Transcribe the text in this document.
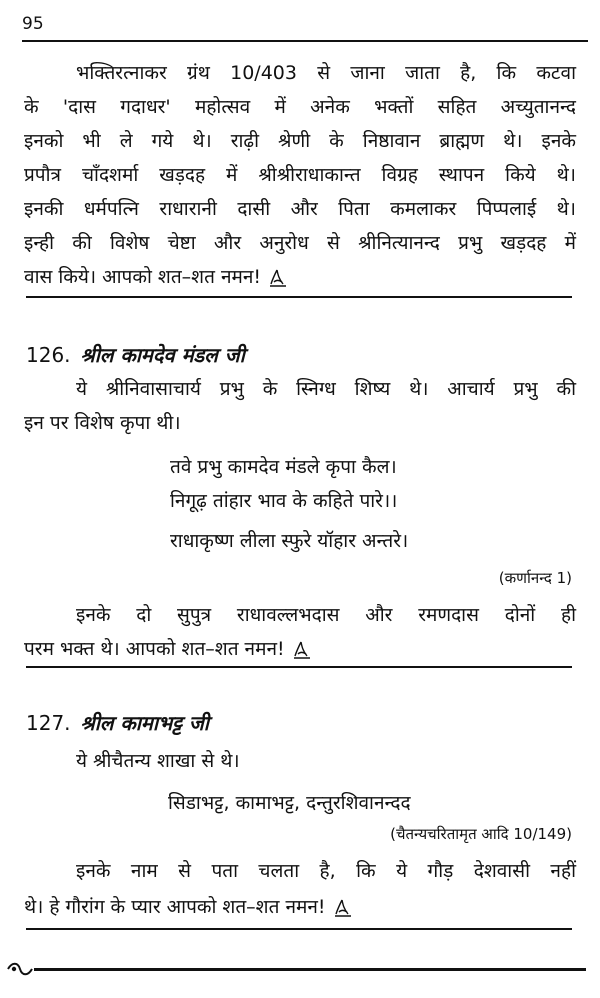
95
भक्तिरत्नाकर ग्रंथ 10/403 से जाना जाता है, कि कटवा
के 'दास गदाधर' महोत्सव में अनेक भक्तों सहित अच्युतानन्द
इनको भी ले गये थे। राढ़ी श्रेणी के निष्ठावान ब्राह्मण थे। इनके
प्रपौत्र चाँदशर्मा खड़दह में श्रीश्रीराधाकान्त विग्रह स्थापन किये थे।
इनकी धर्मपत्नि राधारानी दासी और पिता कमलाकर पिप्पलाई थे।
इन्ही की विशेष चेष्टा और अनुरोध से श्रीनित्यानन्द प्रभु खड़दह में
वास किये। आपको शत–शत नमन!
126. श्रील कामदेव मंडल जी
ये श्रीनिवासाचार्य प्रभु के स्निग्ध शिष्य थे। आचार्य प्रभु की
इन पर विशेष कृपा थी।
तवे प्रभु कामदेव मंडले कृपा कैल।
निगूढ़ तांहार भाव के कहिते पारे।।
राधाकृष्ण लीला स्फुरे यॉहार अन्तरे।
(कर्णानन्द 1)
इनके दो सुपुत्र राधावल्लभदास और रमणदास दोनों ही
परम भक्त थे। आपको शत–शत नमन!
127. श्रील कामाभट्ट जी
ये श्रीचैतन्य शाखा से थे।
सिडाभट्ट, कामाभट्ट, दन्तुरशिवानन्दद
(चैतन्यचरितामृत आदि 10/149)
इनके नाम से पता चलता है, कि ये गौड़ देशवासी नहीं
थे। हे गौरांग के प्यार आपको शत–शत नमन!
